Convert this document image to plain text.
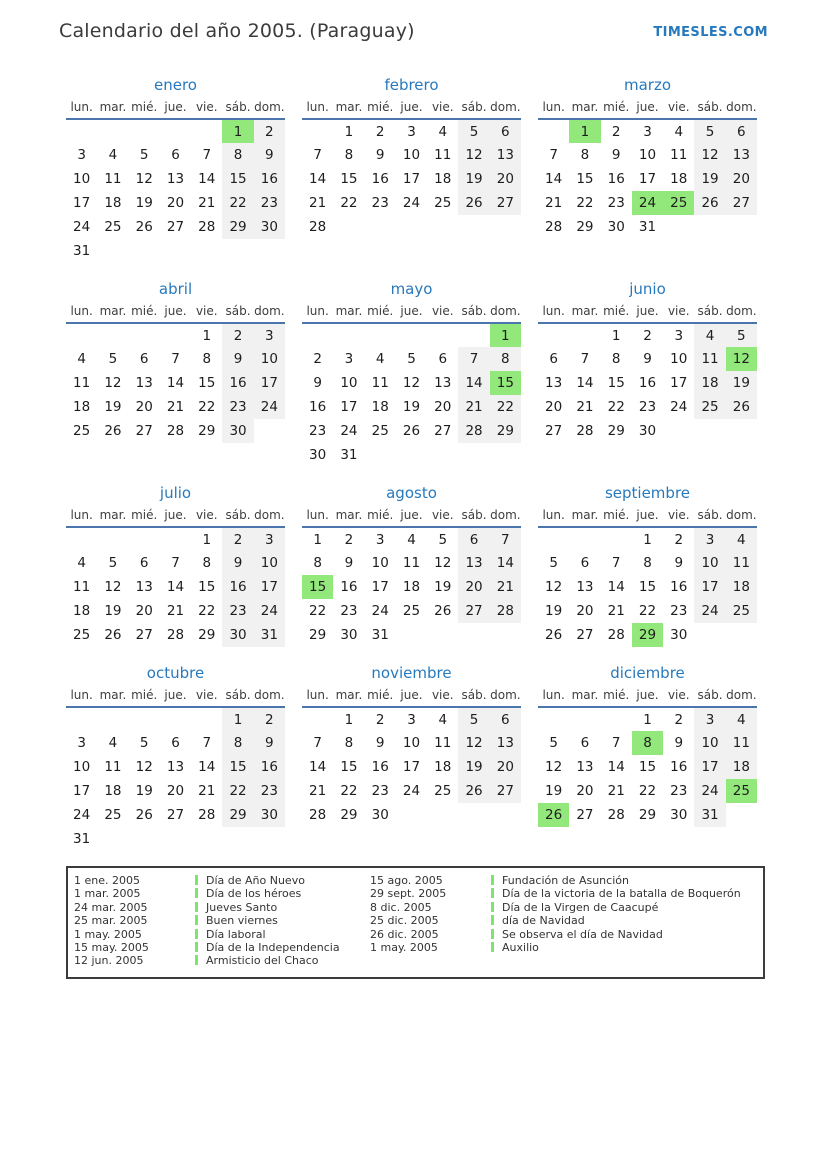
Calendario del año 2005. (Paraguay)	TIMESLES.COM
enero
lun.	mar.	mié.	jue.	vie.	sáb.	dom.
					1	2
3	4	5	6	7	8	9
10	11	12	13	14	15	16
17	18	19	20	21	22	23
24	25	26	27	28	29	30
31						
febrero
lun.	mar.	mié.	jue.	vie.	sáb.	dom.
	1	2	3	4	5	6
7	8	9	10	11	12	13
14	15	16	17	18	19	20
21	22	23	24	25	26	27
28						
marzo
lun.	mar.	mié.	jue.	vie.	sáb.	dom.
	1	2	3	4	5	6
7	8	9	10	11	12	13
14	15	16	17	18	19	20
21	22	23	24	25	26	27
28	29	30	31			
abril
lun.	mar.	mié.	jue.	vie.	sáb.	dom.
				1	2	3
4	5	6	7	8	9	10
11	12	13	14	15	16	17
18	19	20	21	22	23	24
25	26	27	28	29	30	
mayo
lun.	mar.	mié.	jue.	vie.	sáb.	dom.
						1
2	3	4	5	6	7	8
9	10	11	12	13	14	15
16	17	18	19	20	21	22
23	24	25	26	27	28	29
30	31					
junio
lun.	mar.	mié.	jue.	vie.	sáb.	dom.
		1	2	3	4	5
6	7	8	9	10	11	12
13	14	15	16	17	18	19
20	21	22	23	24	25	26
27	28	29	30			
julio
lun.	mar.	mié.	jue.	vie.	sáb.	dom.
				1	2	3
4	5	6	7	8	9	10
11	12	13	14	15	16	17
18	19	20	21	22	23	24
25	26	27	28	29	30	31
agosto
lun.	mar.	mié.	jue.	vie.	sáb.	dom.
1	2	3	4	5	6	7
8	9	10	11	12	13	14
15	16	17	18	19	20	21
22	23	24	25	26	27	28
29	30	31				
septiembre
lun.	mar.	mié.	jue.	vie.	sáb.	dom.
			1	2	3	4
5	6	7	8	9	10	11
12	13	14	15	16	17	18
19	20	21	22	23	24	25
26	27	28	29	30		
octubre
lun.	mar.	mié.	jue.	vie.	sáb.	dom.
					1	2
3	4	5	6	7	8	9
10	11	12	13	14	15	16
17	18	19	20	21	22	23
24	25	26	27	28	29	30
31						
noviembre
lun.	mar.	mié.	jue.	vie.	sáb.	dom.
	1	2	3	4	5	6
7	8	9	10	11	12	13
14	15	16	17	18	19	20
21	22	23	24	25	26	27
28	29	30				
diciembre
lun.	mar.	mié.	jue.	vie.	sáb.	dom.
			1	2	3	4
5	6	7	8	9	10	11
12	13	14	15	16	17	18
19	20	21	22	23	24	25
26	27	28	29	30	31	
1 ene. 2005	Día de Año Nuevo
1 mar. 2005	Día de los héroes
24 mar. 2005	Jueves Santo
25 mar. 2005	Buen viernes
1 may. 2005	Día laboral
15 may. 2005	Día de la Independencia
12 jun. 2005	Armisticio del Chaco
15 ago. 2005	Fundación de Asunción
29 sept. 2005	Día de la victoria de la batalla de Boquerón
8 dic. 2005	Día de la Virgen de Caacupé
25 dic. 2005	día de Navidad
26 dic. 2005	Se observa el día de Navidad
1 may. 2005	Auxilio
